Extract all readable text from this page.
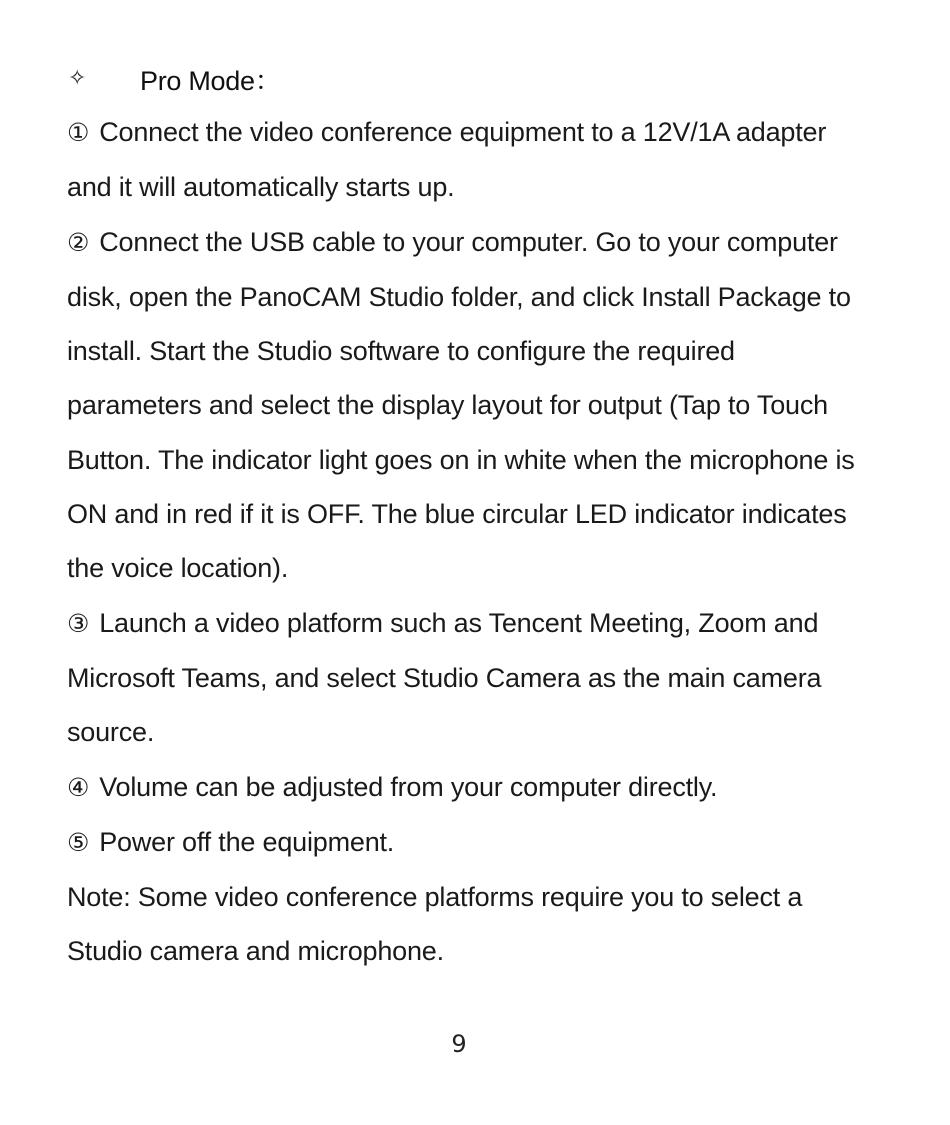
✧	Pro Mode：

① Connect the video conference equipment to a 12V/1A adapter and it will automatically starts up.

② Connect the USB cable to your computer. Go to your computer disk, open the PanoCAM Studio folder, and click Install Package to install. Start the Studio software to configure the required parameters and select the display layout for output (Tap to Touch Button. The indicator light goes on in white when the microphone is ON and in red if it is OFF. The blue circular LED indicator indicates the voice location).

③ Launch a video platform such as Tencent Meeting, Zoom and Microsoft Teams, and select Studio Camera as the main camera source.

④ Volume can be adjusted from your computer directly.

⑤ Power off the equipment.

Note: Some video conference platforms require you to select a Studio camera and microphone.

9
